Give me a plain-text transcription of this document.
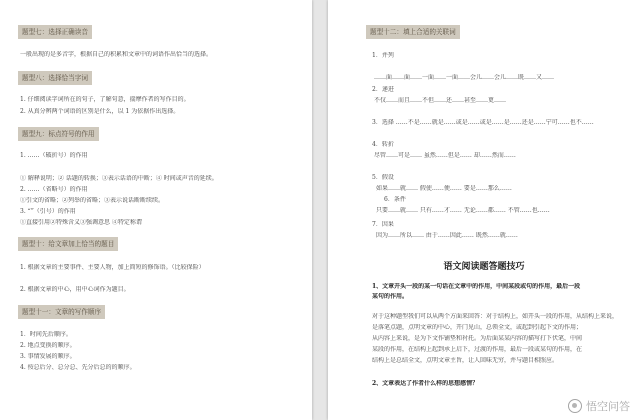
题型七：选择正确读音
一般出现的是多音字，根据自己的积累和文章中的词语作出恰当的选择。
题型八：选择恰当字词
1. 仔细阅读字词所在的句子，了解句意，揣摩作者的写作目的。
2. 从真分辨两个词语的区别是什么，以 1 为依据作出选择。
题型九：标点符号的作用
1. ……（破折号）的作用
① 解释说明；② 话题的转换；③表示话语的中断；④ 时间或声音的延续。
2. ……（省略号）的作用
①引文的省略；②列举的省略；③表示说话断断续续。
3. “”（引号）的作用
①直接引用②特殊含义③强调意思 ④特定称谓
题型十：给文章加上恰当的题目
1. 根据文章的主要事件、主要人物，加上简短的修饰语。（比较保险）
2. 根据文章的中心，用中心词作为题目。
题型十一：文章的写作顺序
1．时间先后顺序。
2. 地点变换的顺序。
3. 事情发展的顺序。
4. 按总后分、总分总、先分后总的的顺序。
题型十二：填上合适的关联词
1．并列
……面……面……一面……一面……会儿……会儿……既……又……
2．递进
不仅……而且……不但……还……甚至……更……
3．选择 ……不是……就是……或是……或是……是……还是……宁可……也不……
4．转折
尽管……可是…… 虽然……但是…… 却……然而……
5．假设
如果……就…… 假使……便…… 要是……那么……
6．条件
只要……就…… 只有……才…… 无论……都…… 不管……也……
7．因果
因为……所以…… 由于……因此…… 既然……就……
语文阅读题答题技巧
1、文章开头一段的某一句话在文章中的作用，中间某段或句的作用，最后一段
某句的作用。
对于这种题型我们可以从两个方面来回答：对于结构上，如开头一段的作用，从结构上来说，
是落笔点题，点明文章的中心，开门见山，总领全文，或起到引起下文的作用；
从内容上来说，是为下文作铺垫和衬托。为后面某某内容的描写打下伏笔，中间
某段的作用，在结构上起到承上启下，过渡的作用，最后一段或某句的作用，在
结构上是总结全文，点明文章主旨，让人回味无穷，并与题目相照应。
2、文章表达了作者什么样的思想感情？
悟空问答
